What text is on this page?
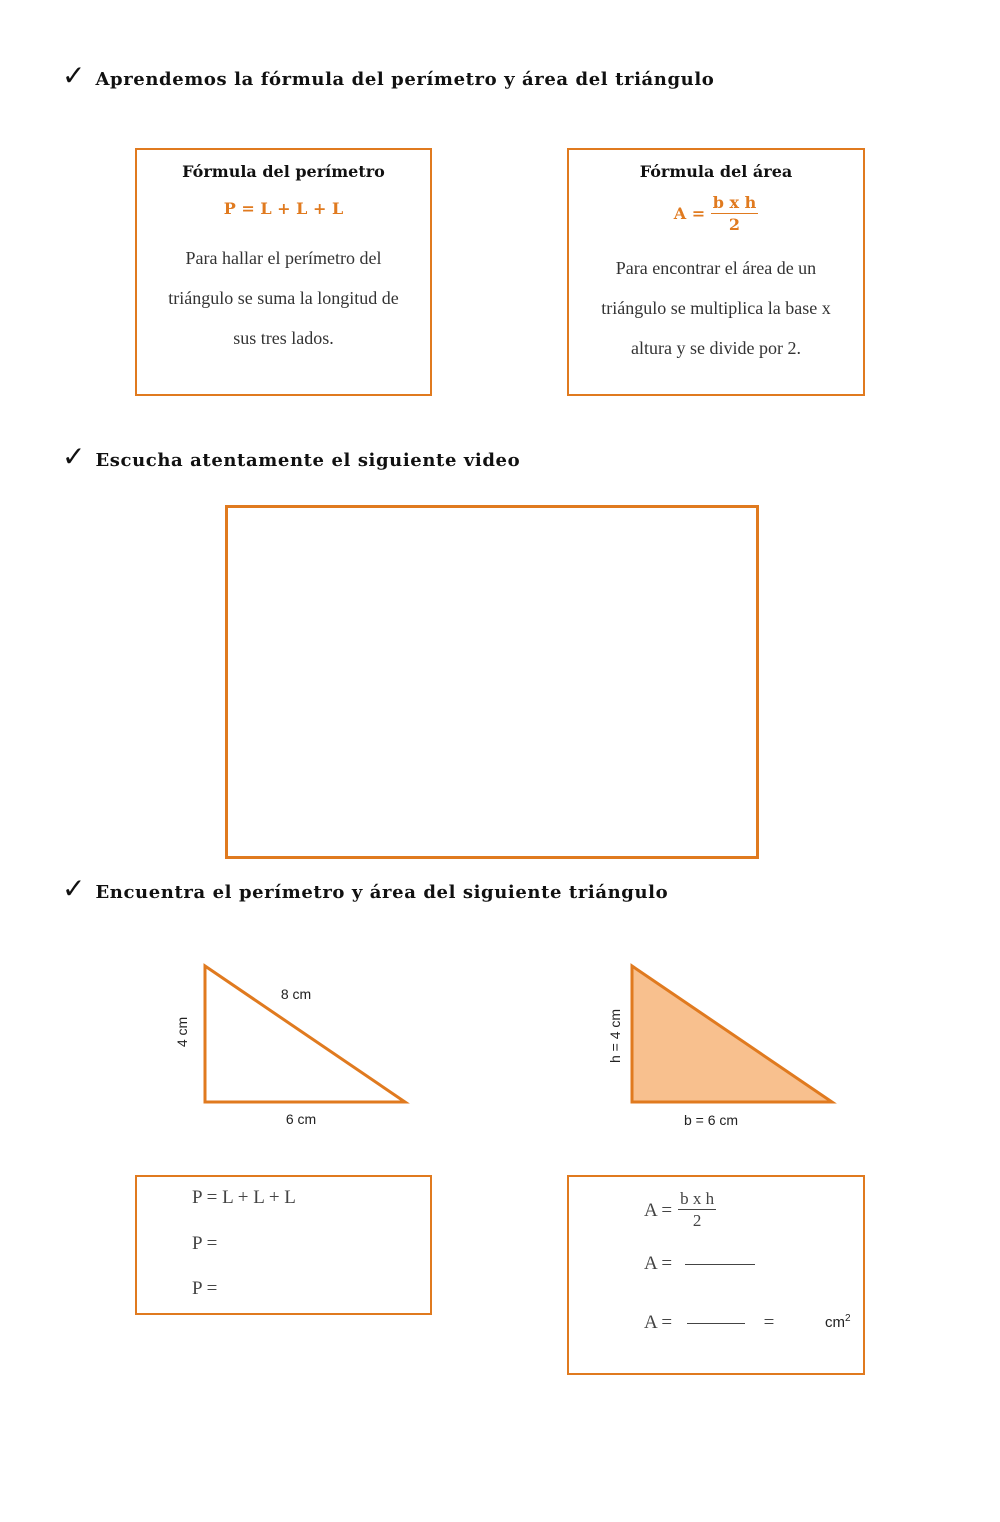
✓ Aprendemos la fórmula del perímetro y área del triángulo
Fórmula del perímetro
P = L + L + L
Para hallar el perímetro del
triángulo se suma la longitud de
sus tres lados.
Fórmula del área
$A = \frac{\text{b x h}}{2}$
Para encontrar el área de un
triángulo se multiplica la base x
altura y se divide por 2.
✓ Escucha atentamente el siguiente video
✓ Encuentra el perímetro y área del siguiente triángulo
8 cm
4 cm
6 cm
h = 4 cm
b = 6 cm
P = L + L + L
P =
P =
$A = \frac{\text{b x h}}{2}$
A =
A =	=	$cm^2$
